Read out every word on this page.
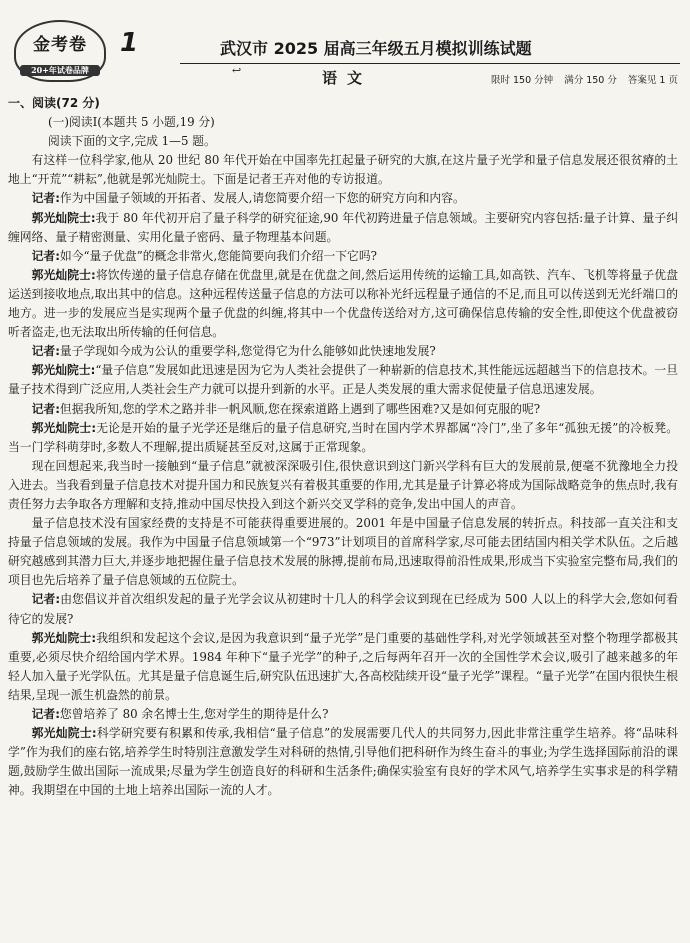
金考卷
20+年试卷品牌
1	武汉市 2025 届高三年级五月模拟训练试题
↩	语文	限时 150 分钟 满分 150 分 答案见 1 页

一、阅读(72 分)

(一)阅读Ⅰ(本题共 5 小题,19 分)

阅读下面的文字,完成 1—5 题。

有这样一位科学家,他从 20 世纪 80 年代开始在中国率先扛起量子研究的大旗,在这片量子光学和量子信息发展还很贫瘠的土地上“开荒”“耕耘”,他就是郭光灿院士。下面是记者王卉对他的专访报道。

记者:作为中国量子领域的开拓者、发展人,请您简要介绍一下您的研究方向和内容。

郭光灿院士:我于 80 年代初开启了量子科学的研究征途,90 年代初跨进量子信息领域。主要研究内容包括:量子计算、量子纠缠网络、量子精密测量、实用化量子密码、量子物理基本问题。

记者:如今“量子优盘”的概念非常火,您能简要向我们介绍一下它吗?

郭光灿院士:将饮传递的量子信息存储在优盘里,就是在优盘之间,然后运用传统的运输工具,如高铁、汽车、飞机等将量子优盘运送到接收地点,取出其中的信息。这种远程传送量子信息的方法可以称补光纤远程量子通信的不足,而且可以传送到无光纤端口的地方。进一步的发展应当是实现两个量子优盘的纠缠,将其中一个优盘传送给对方,这可确保信息传输的安全性,即使这个优盘被窃听者盗走,也无法取出所传输的任何信息。

记者:量子学现如今成为公认的重要学科,您觉得它为什么能够如此快速地发展?

郭光灿院士:“量子信息”发展如此迅速是因为它为人类社会提供了一种崭新的信息技术,其性能远远超越当下的信息技术。一旦量子技术得到广泛应用,人类社会生产力就可以提升到新的水平。正是人类发展的重大需求促使量子信息迅速发展。

记者:但据我所知,您的学术之路并非一帆风顺,您在探索道路上遇到了哪些困难?又是如何克服的呢?

郭光灿院士:无论是开始的量子光学还是继后的量子信息研究,当时在国内学术界都属“冷门”,坐了多年“孤独无援”的冷板凳。当一门学科萌芽时,多数人不理解,提出质疑甚至反对,这属于正常现象。

现在回想起来,我当时一接触到“量子信息”就被深深吸引住,很快意识到这门新兴学科有巨大的发展前景,便毫不犹豫地全力投入进去。当我看到量子信息技术对提升国力和民族复兴有着极其重要的作用,尤其是量子计算必将成为国际战略竞争的焦点时,我有责任努力去争取各方理解和支持,推动中国尽快投入到这个新兴交叉学科的竞争,发出中国人的声音。

量子信息技术没有国家经费的支持是不可能获得重要进展的。2001 年是中国量子信息发展的转折点。科技部一直关注和支持量子信息领域的发展。我作为中国量子信息领域第一个“973”计划项目的首席科学家,尽可能去团结国内相关学术队伍。之后越研究越感到其潜力巨大,并逐步地把握住量子信息技术发展的脉搏,提前布局,迅速取得前沿性成果,形成当下实验室完整布局,我们的项目也先后培养了量子信息领域的五位院士。

记者:由您倡议并首次组织发起的量子光学会议从初建时十几人的科学会议到现在已经成为 500 人以上的科学大会,您如何看待它的发展?

郭光灿院士:我组织和发起这个会议,是因为我意识到“量子光学”是门重要的基础性学科,对光学领域甚至对整个物理学都极其重要,必须尽快介绍给国内学术界。1984 年种下“量子光学”的种子,之后每两年召开一次的全国性学术会议,吸引了越来越多的年轻人加入量子光学队伍。尤其是量子信息诞生后,研究队伍迅速扩大,各高校陆续开设“量子光学”课程。“量子光学”在国内很快生根结果,呈现一派生机盎然的前景。

记者:您曾培养了 80 余名博士生,您对学生的期待是什么?

郭光灿院士:科学研究要有积累和传承,我相信“量子信息”的发展需要几代人的共同努力,因此非常注重学生培养。将“品味科学”作为我们的座右铭,培养学生时特别注意激发学生对科研的热情,引导他们把科研作为终生奋斗的事业;为学生选择国际前沿的课题,鼓励学生做出国际一流成果;尽量为学生创造良好的科研和生活条件;确保实验室有良好的学术风气,培养学生实事求是的科学精神。我期望在中国的土地上培养出国际一流的人才。
